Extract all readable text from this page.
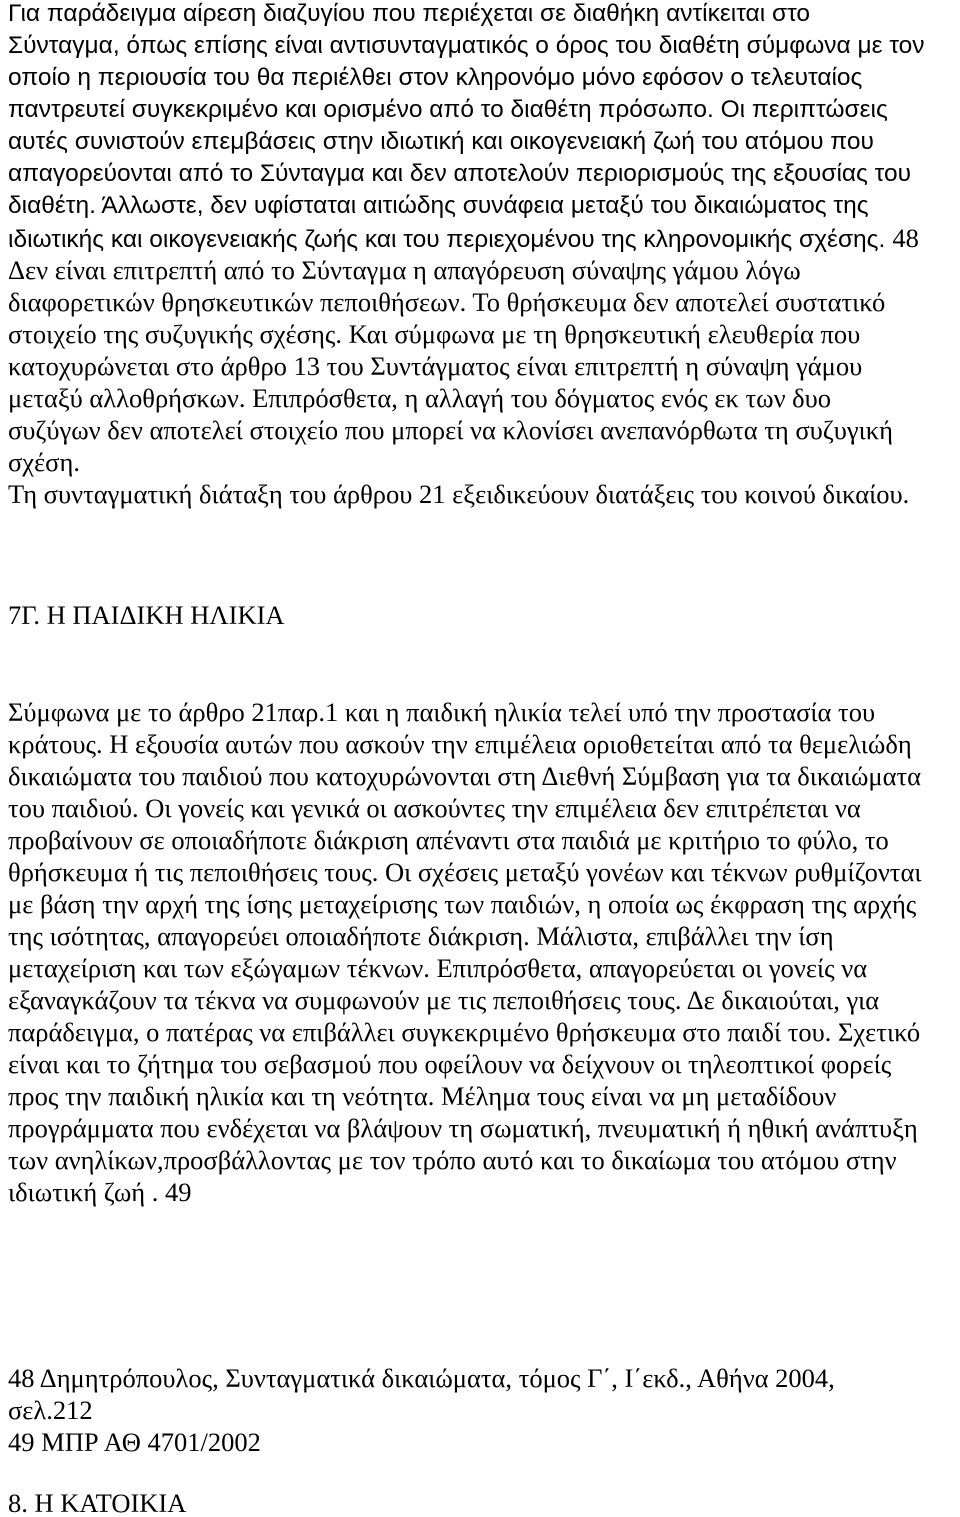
Για παράδειγμα αίρεση διαζυγίου που περιέχεται σε διαθήκη αντίκειται στο
Σύνταγμα, όπως επίσης είναι αντισυνταγματικός ο όρος του διαθέτη σύμφωνα με τον
οποίο η περιουσία του θα περιέλθει στον κληρονόμο μόνο εφόσον ο τελευταίος
παντρευτεί συγκεκριμένο και ορισμένο από το διαθέτη πρόσωπο. Οι περιπτώσεις
αυτές συνιστούν επεμβάσεις στην ιδιωτική και οικογενειακή ζωή του ατόμου που
απαγορεύονται από το Σύνταγμα και δεν αποτελούν περιορισμούς της εξουσίας του
διαθέτη. Άλλωστε, δεν υφίσταται αιτιώδης συνάφεια μεταξύ του δικαιώματος της
ιδιωτικής και οικογενειακής ζωής και του περιεχομένου της κληρονομικής σχέσης. 48
Δεν είναι επιτρεπτή από το Σύνταγμα η απαγόρευση σύναψης γάμου λόγω
διαφορετικών θρησκευτικών πεποιθήσεων. Το θρήσκευμα δεν αποτελεί συστατικό
στοιχείο της συζυγικής σχέσης. Και σύμφωνα με τη θρησκευτική ελευθερία που
κατοχυρώνεται στο άρθρο 13 του Συντάγματος είναι επιτρεπτή η σύναψη γάμου
μεταξύ αλλοθρήσκων. Επιπρόσθετα, η αλλαγή του δόγματος ενός εκ των δυο
συζύγων δεν αποτελεί στοιχείο που μπορεί να κλονίσει ανεπανόρθωτα τη συζυγική
σχέση.
Τη συνταγματική διάταξη του άρθρου 21 εξειδικεύουν διατάξεις του κοινού δικαίου.
7Γ. Η ΠΑΙΔΙΚΗ ΗΛΙΚΙΑ
Σύμφωνα με το άρθρο 21παρ.1 και η παιδική ηλικία τελεί υπό την προστασία του
κράτους. Η εξουσία αυτών που ασκούν την επιμέλεια οριοθετείται από τα θεμελιώδη
δικαιώματα του παιδιού που κατοχυρώνονται στη Διεθνή Σύμβαση για τα δικαιώματα
του παιδιού. Οι γονείς και γενικά οι ασκούντες την επιμέλεια δεν επιτρέπεται να
προβαίνουν σε οποιαδήποτε διάκριση απέναντι στα παιδιά με κριτήριο το φύλο, το
θρήσκευμα ή τις πεποιθήσεις τους. Οι σχέσεις μεταξύ γονέων και τέκνων ρυθμίζονται
με βάση την αρχή της ίσης μεταχείρισης των παιδιών, η οποία ως έκφραση της αρχής
της ισότητας, απαγορεύει οποιαδήποτε διάκριση. Μάλιστα, επιβάλλει την ίση
μεταχείριση και των εξώγαμων τέκνων. Επιπρόσθετα, απαγορεύεται οι γονείς να
εξαναγκάζουν τα τέκνα να συμφωνούν με τις πεποιθήσεις τους. Δε δικαιούται, για
παράδειγμα, ο πατέρας να επιβάλλει συγκεκριμένο θρήσκευμα στο παιδί του. Σχετικό
είναι και το ζήτημα του σεβασμού που οφείλουν να δείχνουν οι τηλεοπτικοί φορείς
προς την παιδική ηλικία και τη νεότητα. Μέλημα τους είναι να μη μεταδίδουν
προγράμματα που ενδέχεται να βλάψουν τη σωματική, πνευματική ή ηθική ανάπτυξη
των ανηλίκων,προσβάλλοντας με τον τρόπο αυτό και το δικαίωμα του ατόμου στην
ιδιωτική ζωή . 49
48 Δημητρόπουλος, Συνταγματικά δικαιώματα, τόμος Γ΄, Ι΄εκδ., Αθήνα 2004,
σελ.212
49 ΜΠΡ ΑΘ 4701/2002
8. Η ΚΑΤΟΙΚΙΑ
